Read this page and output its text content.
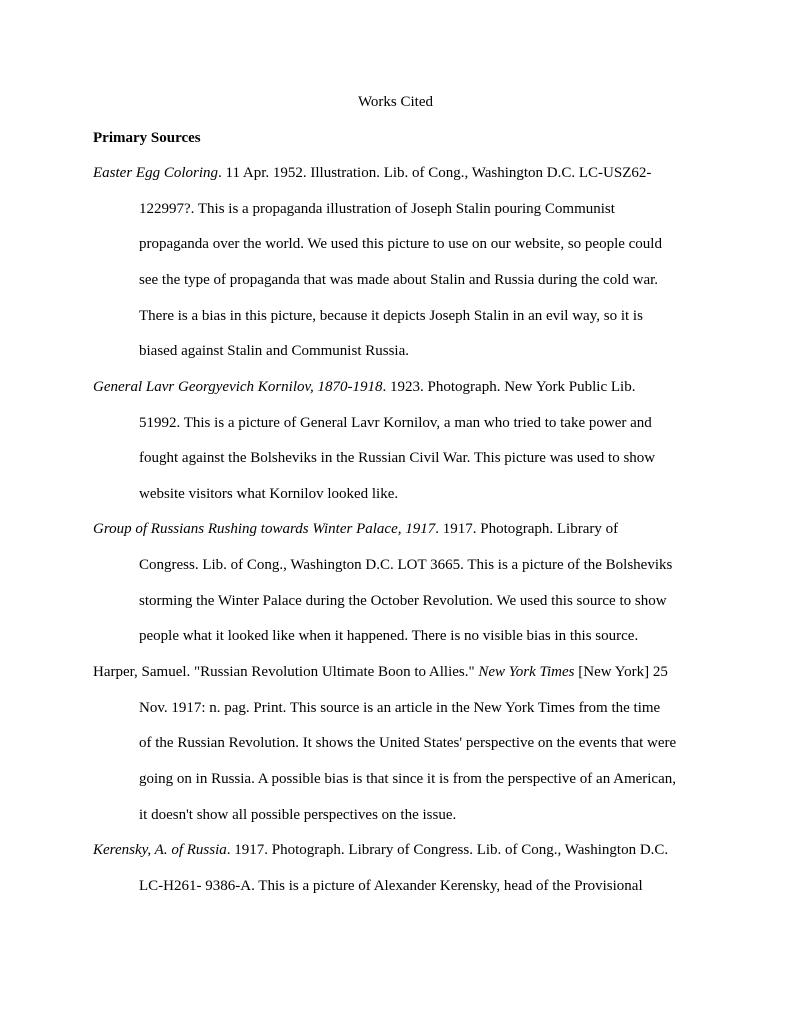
Works Cited
Primary Sources
Easter Egg Coloring. 11 Apr. 1952. Illustration. Lib. of Cong., Washington D.C. LC-USZ62-
122997?. This is a propaganda illustration of Joseph Stalin pouring Communist
propaganda over the world. We used this picture to use on our website, so people could
see the type of propaganda that was made about Stalin and Russia during the cold war.
There is a bias in this picture, because it depicts Joseph Stalin in an evil way, so it is
biased against Stalin and Communist Russia.
General Lavr Georgyevich Kornilov, 1870-1918. 1923. Photograph. New York Public Lib.
51992. This is a picture of General Lavr Kornilov, a man who tried to take power and
fought against the Bolsheviks in the Russian Civil War. This picture was used to show
website visitors what Kornilov looked like.
Group of Russians Rushing towards Winter Palace, 1917. 1917. Photograph. Library of
Congress. Lib. of Cong., Washington D.C. LOT 3665. This is a picture of the Bolsheviks
storming the Winter Palace during the October Revolution. We used this source to show
people what it looked like when it happened. There is no visible bias in this source.
Harper, Samuel. "Russian Revolution Ultimate Boon to Allies." New York Times [New York] 25
Nov. 1917: n. pag. Print. This source is an article in the New York Times from the time
of the Russian Revolution. It shows the United States' perspective on the events that were
going on in Russia. A possible bias is that since it is from the perspective of an American,
it doesn't show all possible perspectives on the issue.
Kerensky, A. of Russia. 1917. Photograph. Library of Congress. Lib. of Cong., Washington D.C.
LC-H261- 9386-A. This is a picture of Alexander Kerensky, head of the Provisional
